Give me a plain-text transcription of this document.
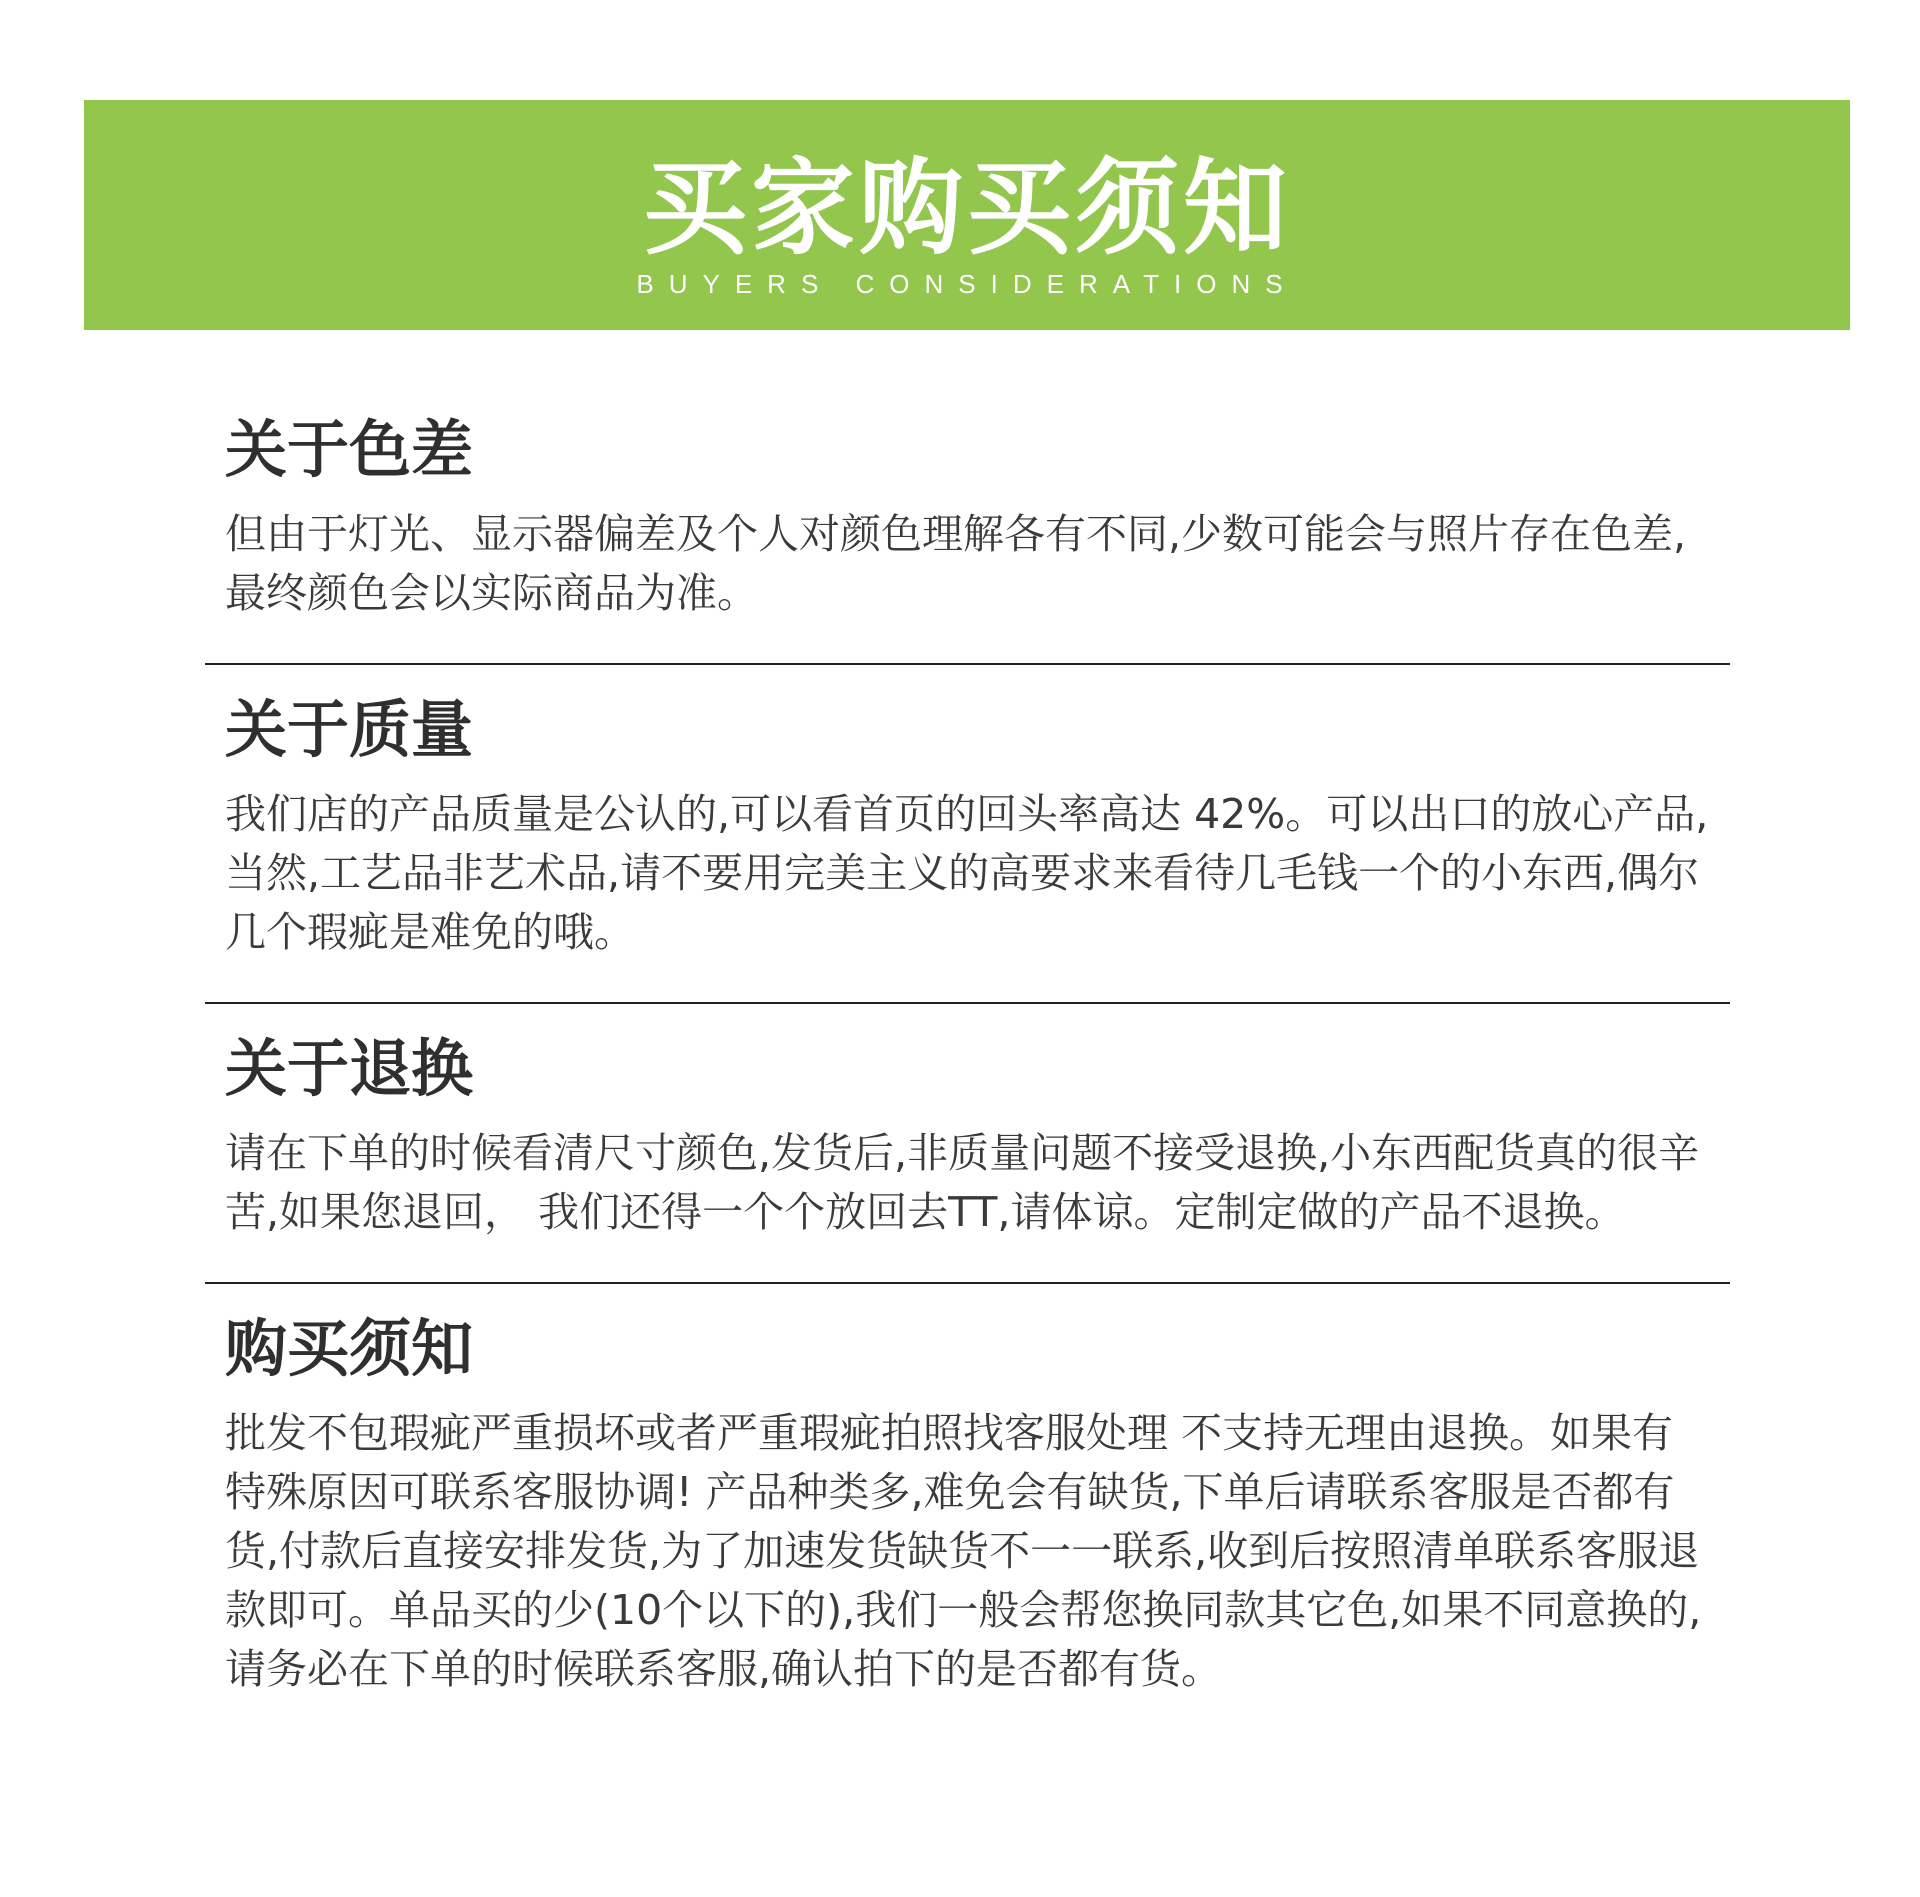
买家购买须知
BUYERS CONSIDERATIONS
关于色差

但由于灯光、显示器偏差及个人对颜色理解各有不同,少数可能会与照片存在色差,最终颜色会以实际商品为准。

关于质量

我们店的产品质量是公认的,可以看首页的回头率高达 42%。可以出口的放心产品,当然,工艺品非艺术品,请不要用完美主义的高要求来看待几毛钱一个的小东西,偶尔几个瑕疵是难免的哦。

关于退换

请在下单的时候看清尺寸颜色,发货后,非质量问题不接受退换,小东西配货真的很辛苦,如果您退回， 我们还得一个个放回去TT,请体谅。定制定做的产品不退换。

购买须知

批发不包瑕疵严重损坏或者严重瑕疵拍照找客服处理 不支持无理由退换。如果有特殊原因可联系客服协调! 产品种类多,难免会有缺货,下单后请联系客服是否都有货,付款后直接安排发货,为了加速发货缺货不一一联系,收到后按照清单联系客服退款即可。单品买的少(10个以下的),我们一般会帮您换同款其它色,如果不同意换的,请务必在下单的时候联系客服,确认拍下的是否都有货。
